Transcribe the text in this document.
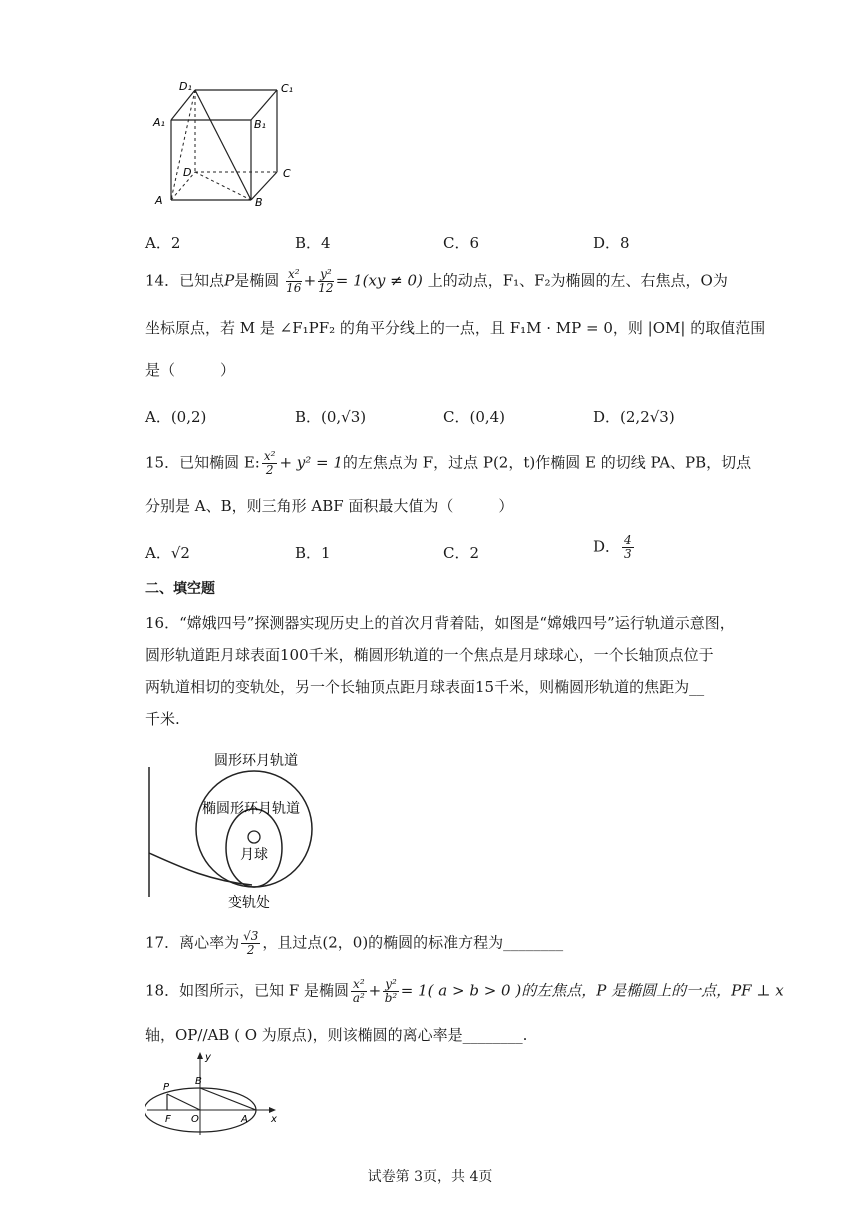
D₁	C₁
A₁	B₁
D	C
A	B
A．2	B．4	C．6	D．8
14．已知点P是椭圆 $\frac{\text{x²}}{16} + \frac{\text{y²}}{12} = 1(xy \ne 0)$ 上的动点，F₁、F₂为椭圆的左、右焦点，O为
坐标原点，若 M 是 ∠F₁PF₂ 的角平分线上的一点，且 F₁M · MP = 0，则 |OM| 的取值范围
是（　　　）
A．(0,2)	B．(0,√3)	C．(0,4)	D．(2,2√3)
15．已知椭圆 E: $\frac{\text{x²}}{2} + y^2 = 1$的左焦点为 F，过点 P(2，t)作椭圆 E 的切线 PA、PB，切点
分别是 A、B，则三角形 ABF 面积最大值为（　　　）
A．√2	B．1	C．2	D． $\frac{4}{3}$
二、填空题
16．“嫦娥四号”探测器实现历史上的首次月背着陆，如图是“嫦娥四号”运行轨道示意图，
圆形轨道距月球表面100千米，椭圆形轨道的一个焦点是月球球心，一个长轴顶点位于
两轨道相切的变轨处，另一个长轴顶点距月球表面15千米，则椭圆形轨道的焦距为__
千米.
圆形环月轨道
椭圆形环月轨道
月球
变轨处
17．离心率为 $\frac{√3}{2}$ ，且过点(2，0)的椭圆的标准方程为________
18．如图所示，已知 F 是椭圆 $\frac{\text{x²}}{\text{a²}} + \frac{\text{y²}}{\text{b²}} = 1$( a > b > 0 )的左焦点，P 是椭圆上的一点，PF ⊥ x
轴，OP//AB ( O 为原点)，则该椭圆的离心率是________.
y
x
P
B
F O	A
试卷第 3页，共 4页
